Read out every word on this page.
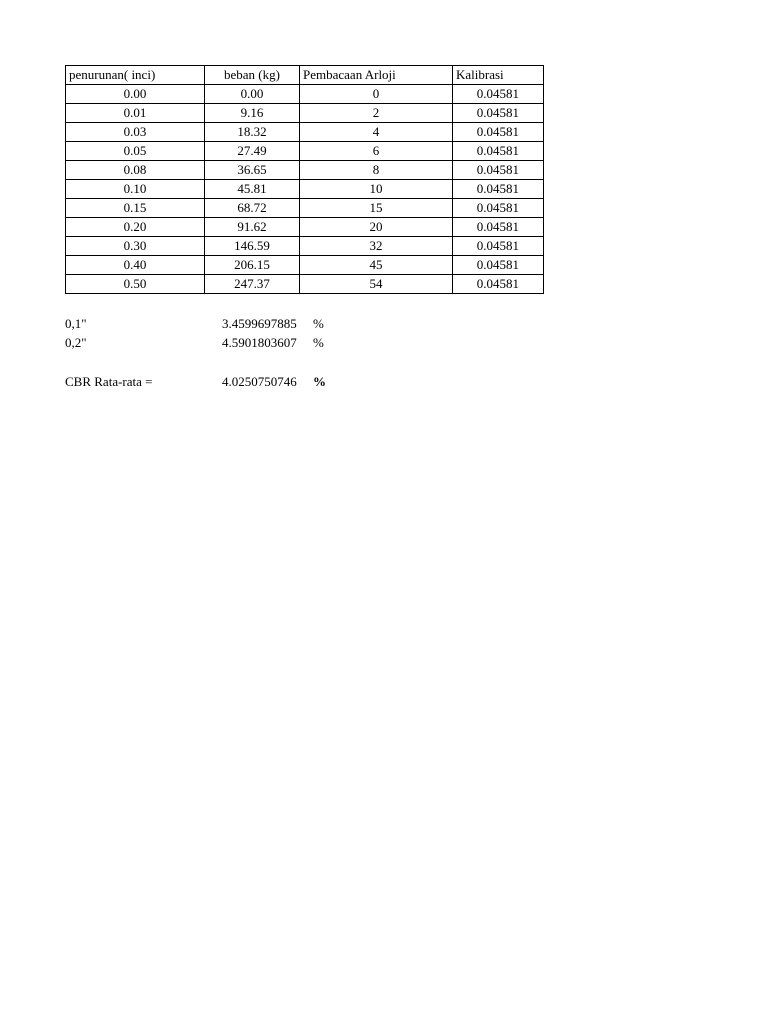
penurunan( inci)	beban (kg)	Pembacaan Arloji	Kalibrasi
0.00	0.00	0	0.04581
0.01	9.16	2	0.04581
0.03	18.32	4	0.04581
0.05	27.49	6	0.04581
0.08	36.65	8	0.04581
0.10	45.81	10	0.04581
0.15	68.72	15	0.04581
0.20	91.62	20	0.04581
0.30	146.59	32	0.04581
0.40	206.15	45	0.04581
0.50	247.37	54	0.04581
0,1"	3.4599697885 %
0,2"	4.5901803607 %
CBR Rata-rata =	4.0250750746 %
